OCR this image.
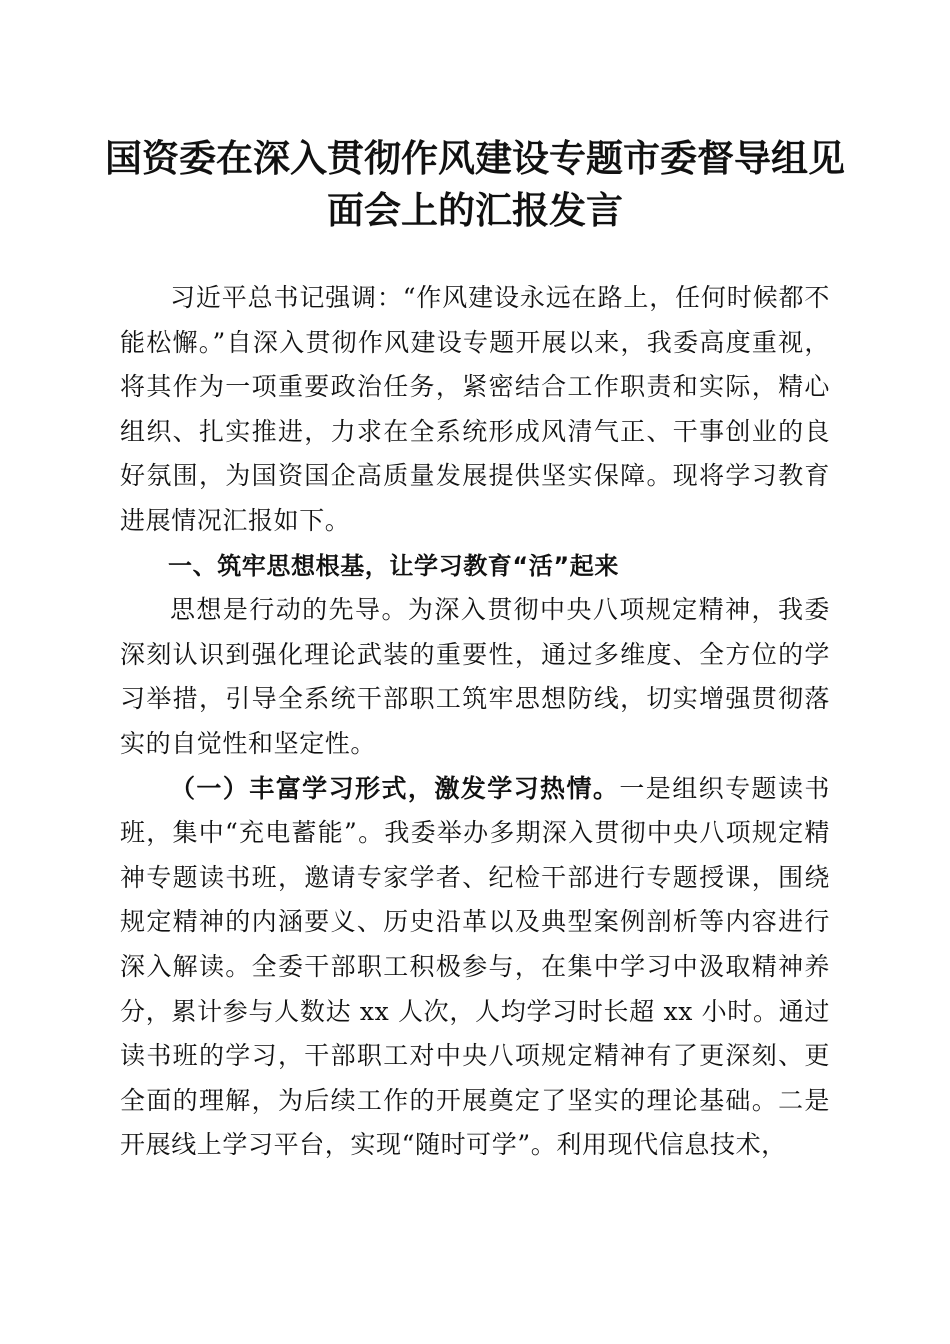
国资委在深入贯彻作风建设专题市委督导组见面会上的汇报发言

习近平总书记强调：“作风建设永远在路上，任何时候都不能松懈。”自深入贯彻作风建设专题开展以来，我委高度重视，将其作为一项重要政治任务，紧密结合工作职责和实际，精心组织、扎实推进，力求在全系统形成风清气正、干事创业的良好氛围，为国资国企高质量发展提供坚实保障。现将学习教育进展情况汇报如下。

一、筑牢思想根基，让学习教育“活”起来

思想是行动的先导。为深入贯彻中央八项规定精神，我委深刻认识到强化理论武装的重要性，通过多维度、全方位的学习举措，引导全系统干部职工筑牢思想防线，切实增强贯彻落实的自觉性和坚定性。

（一）丰富学习形式，激发学习热情。一是组织专题读书班，集中“充电蓄能”。我委举办多期深入贯彻中央八项规定精神专题读书班，邀请专家学者、纪检干部进行专题授课，围绕规定精神的内涵要义、历史沿革以及典型案例剖析等内容进行深入解读。全委干部职工积极参与，在集中学习中汲取精神养分，累计参与人数达 xx 人次，人均学习时长超 xx 小时。通过读书班的学习，干部职工对中央八项规定精神有了更深刻、更全面的理解，为后续工作的开展奠定了坚实的理论基础。二是开展线上学习平台，实现“随时可学”。利用现代信息技术，
